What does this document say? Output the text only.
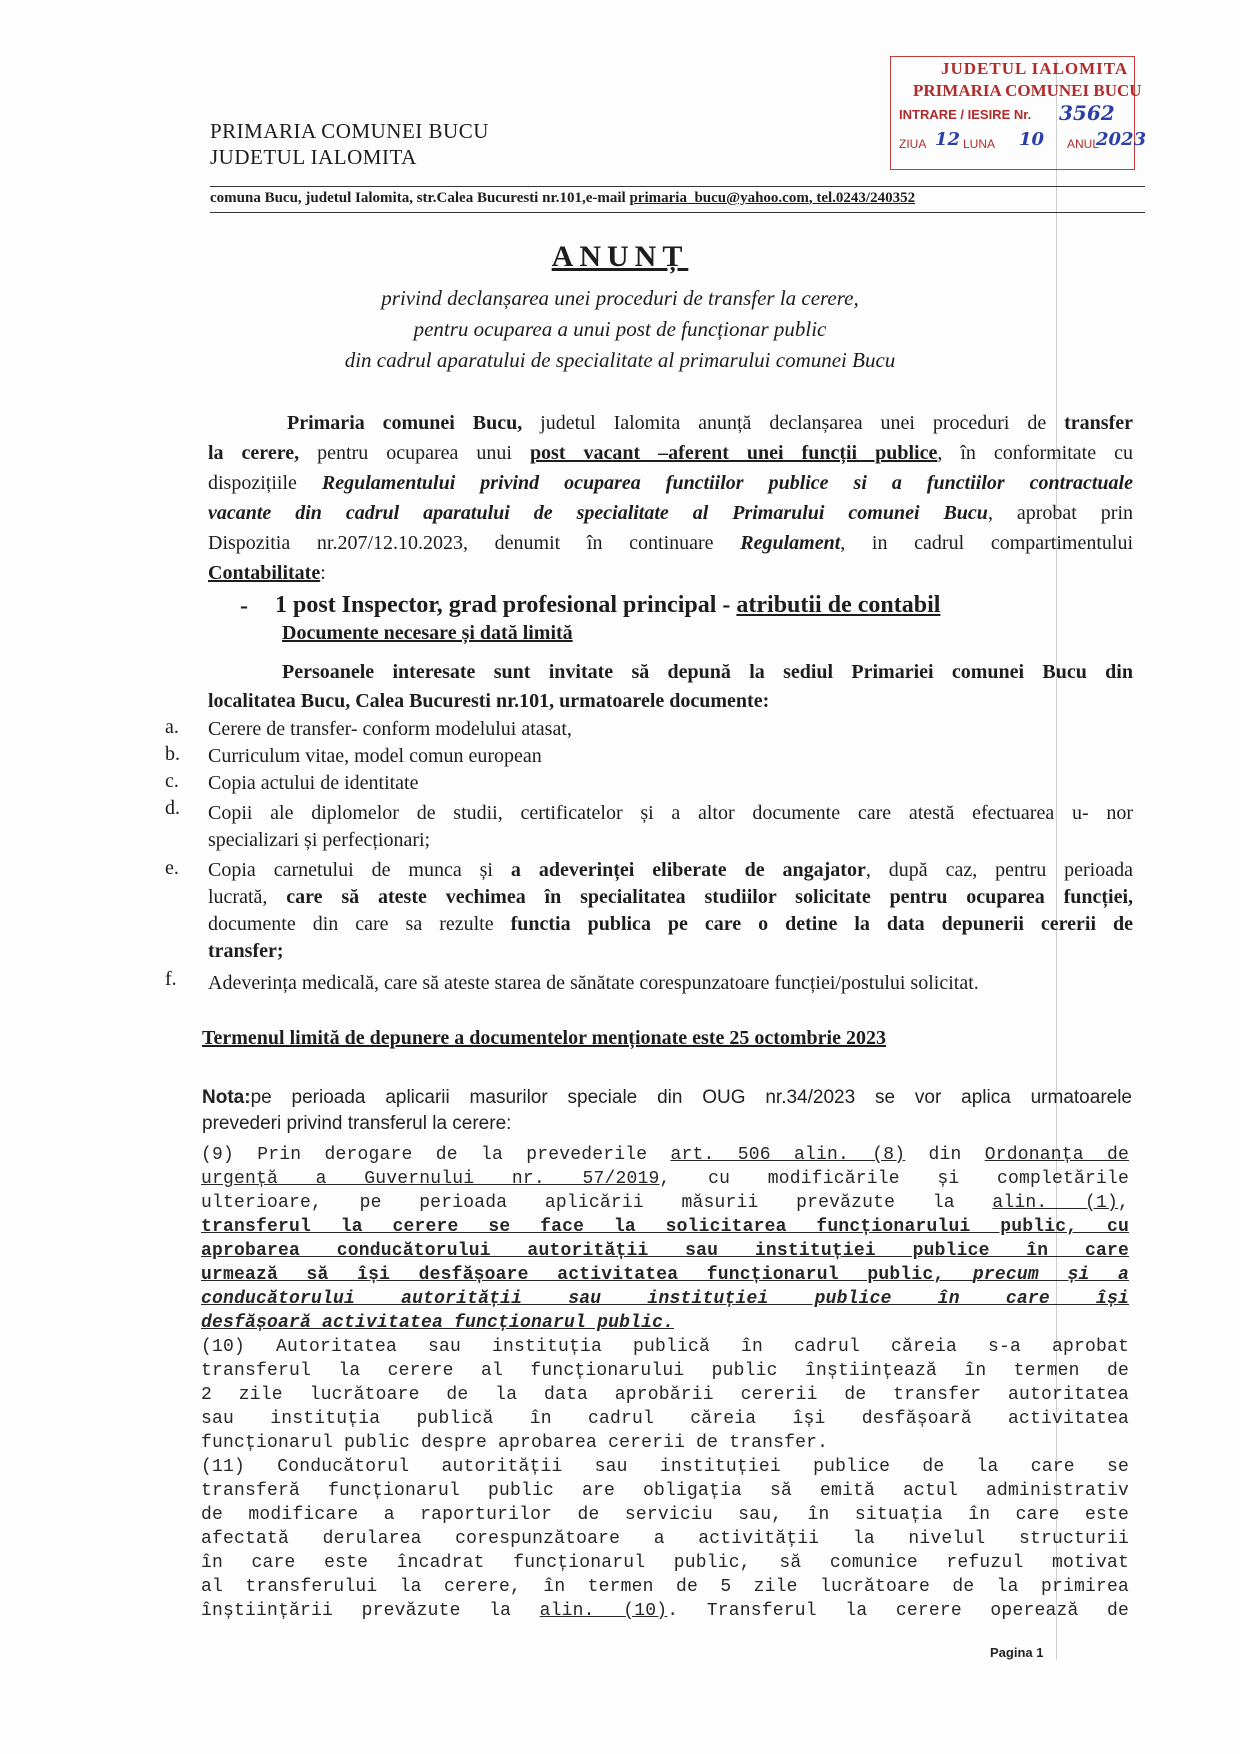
PRIMARIA COMUNEI BUCU
JUDETUL IALOMITA
comuna Bucu, judetul Ialomita, str.Calea Bucuresti nr.101,e-mail primaria_bucu@yahoo.com, tel.0243/240352
JUDETUL IALOMITA
PRIMARIA COMUNEI BUCU
INTRARE / IESIRE Nr. 3562
ZIUA 12 LUNA 10 ANUL
2023
ANUNȚ
privind declanșarea unei proceduri de transfer la cerere,
pentru ocuparea a unui post de funcționar public
din cadrul aparatului de specialitate al primarului comunei Bucu
Primaria comunei Bucu, judetul Ialomita anunță declanșarea unei proceduri de transfer
la cerere, pentru ocuparea unui post vacant –aferent unei funcții publice, în conformitate cu
dispozițiile Regulamentului privind ocuparea functiilor publice si a functiilor contractuale
vacante din cadrul aparatului de specialitate al Primarului comunei Bucu, aprobat prin
Dispozitia nr.207/12.10.2023, denumit în continuare Regulament, in cadrul compartimentului
Contabilitate:
- 1 post Inspector, grad profesional principal - atributii de contabil
Documente necesare și dată limită
Persoanele interesate sunt invitate să depună la sediul Primariei comunei Bucu din
localitatea Bucu, Calea Bucuresti nr.101, urmatoarele documente:
a. Cerere de transfer- conform modelului atasat,
b. Curriculum vitae, model comun european
c. Copia actului de identitate
d. Copii ale diplomelor de studii, certificatelor și a altor documente care atestă efectuarea u- nor
specializari și perfecționari;
e. Copia carnetului de munca și a adeverinței eliberate de angajator, după caz, pentru perioada
lucrată, care să ateste vechimea în specialitatea studiilor solicitate pentru ocuparea funcției,
documente din care sa rezulte functia publica pe care o detine la data depunerii cererii de
transfer;
f. Adeverința medicală, care să ateste starea de sănătate corespunzatoare funcției/postului solicitat.
Termenul limită de depunere a documentelor menționate este 25 octombrie 2023
Nota:pe perioada aplicarii masurilor speciale din OUG nr.34/2023 se vor aplica urmatoarele
prevederi privind transferul la cerere:
(9) Prin derogare de la prevederile art. 506 alin. (8) din Ordonanța de
urgență a Guvernului nr. 57/2019, cu modificările și completările
ulterioare, pe perioada aplicării măsurii prevăzute la alin. (1),
transferul la cerere se face la solicitarea funcționarului public, cu
aprobarea conducătorului autorității sau instituției publice în care
urmează să își desfășoare activitatea funcționarul public, precum și a
conducătorului autorității sau instituției publice în care își
desfășoară activitatea funcționarul public.
(10) Autoritatea sau instituția publică în cadrul căreia s-a aprobat
transferul la cerere al funcționarului public înștiințează în termen de
2 zile lucrătoare de la data aprobării cererii de transfer autoritatea
sau instituția publică în cadrul căreia își desfășoară activitatea
funcționarul public despre aprobarea cererii de transfer.
(11) Conducătorul autorității sau instituției publice de la care se
transferă funcționarul public are obligația să emită actul administrativ
de modificare a raporturilor de serviciu sau, în situația în care este
afectată derularea corespunzătoare a activității la nivelul structurii
în care este încadrat funcționarul public, să comunice refuzul motivat
al transferului la cerere, în termen de 5 zile lucrătoare de la primirea
înștiințării prevăzute la alin. (10). Transferul la cerere operează de
Pagina 1
